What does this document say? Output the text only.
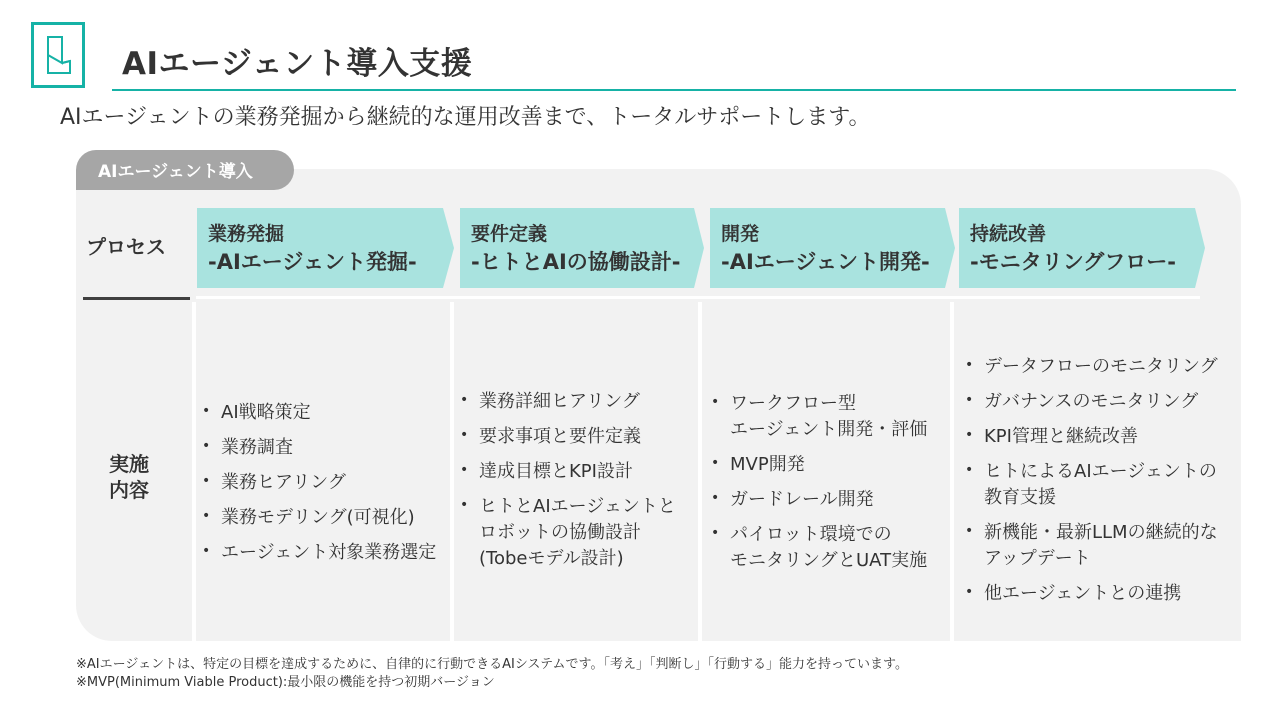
AIエージェント導入支援
AIエージェントの業務発掘から継続的な運用改善まで、トータルサポートします。
AIエージェント導入
プロセス
実施
内容
業務発掘
-AIエージェント発掘-
要件定義
-ヒトとAIの協働設計-
開発
-AIエージェント開発-
持続改善
-モニタリングフロー-
• AI戦略策定
• 業務調査
• 業務ヒアリング
• 業務モデリング(可視化)
• エージェント対象業務選定
• 業務詳細ヒアリング
• 要求事項と要件定義
• 達成目標とKPI設計
• ヒトとAIエージェントと
ロボットの協働設計
(Tobeモデル設計)
• ワークフロー型
エージェント開発・評価
• MVP開発
• ガードレール開発
• パイロット環境での
モニタリングとUAT実施
• データフローのモニタリング
• ガバナンスのモニタリング
• KPI管理と継続改善
• ヒトによるAIエージェントの
教育支援
• 新機能・最新LLMの継続的な
アップデート
• 他エージェントとの連携
※AIエージェントは、特定の目標を達成するために、自律的に行動できるAIシステムです。「考え」「判断し」「行動する」能力を持っています。
※MVP(Minimum Viable Product):最小限の機能を持つ初期バージョン
